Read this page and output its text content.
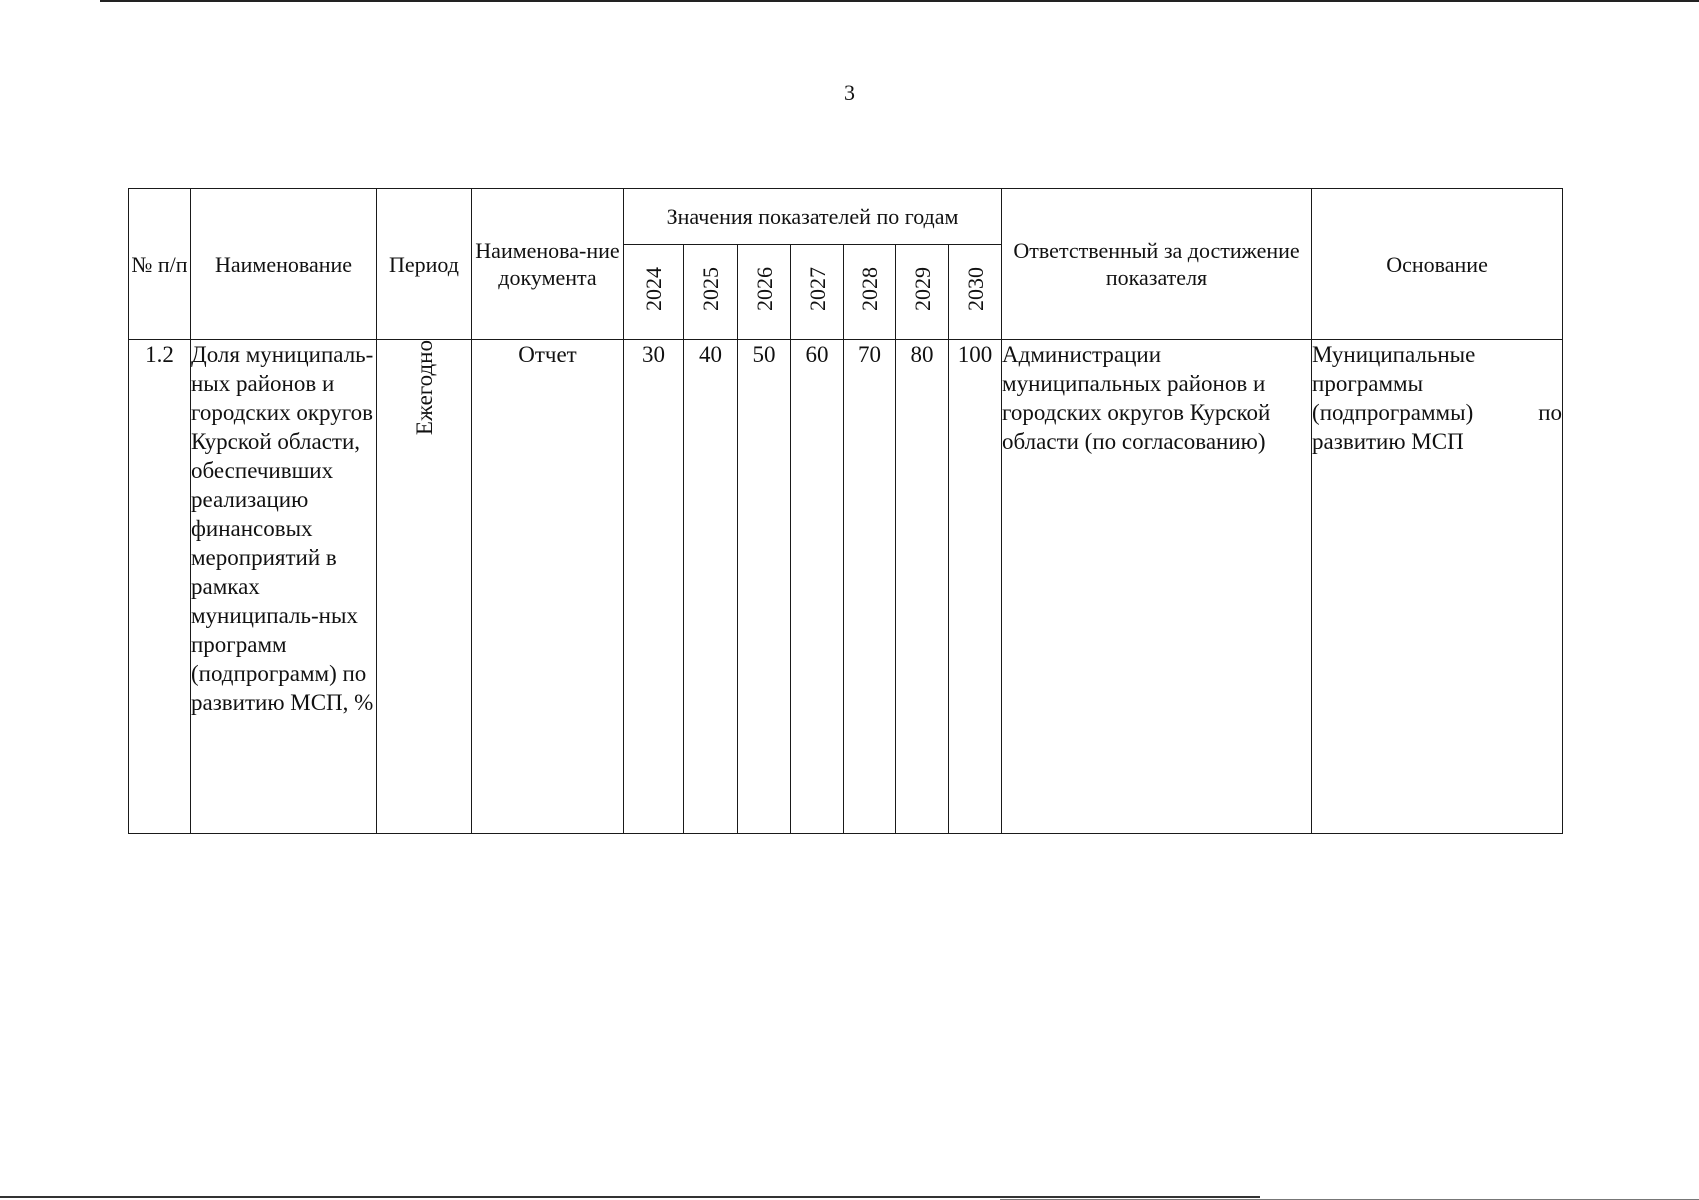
3
№ п/п	Наименование	Период	Наименова-ние документа	Значения показателей по годам							Ответственный за достижение показателя	Основание
				2024	2025	2026	2027	2028	2029	2030		
1.2	Доля муниципаль-ных районов и городских округов Курской области, обеспечивших реализацию финансовых мероприятий в рамках муниципаль-ных программ (подпрограмм) по развитию МСП, %	Ежегодно	Отчет	30	40	50	60	70	80	100	Администрации муниципальных районов и городских округов Курской области (по согласованию)	Муниципальные
программы
(подпрограммы) по
развитию МСП
